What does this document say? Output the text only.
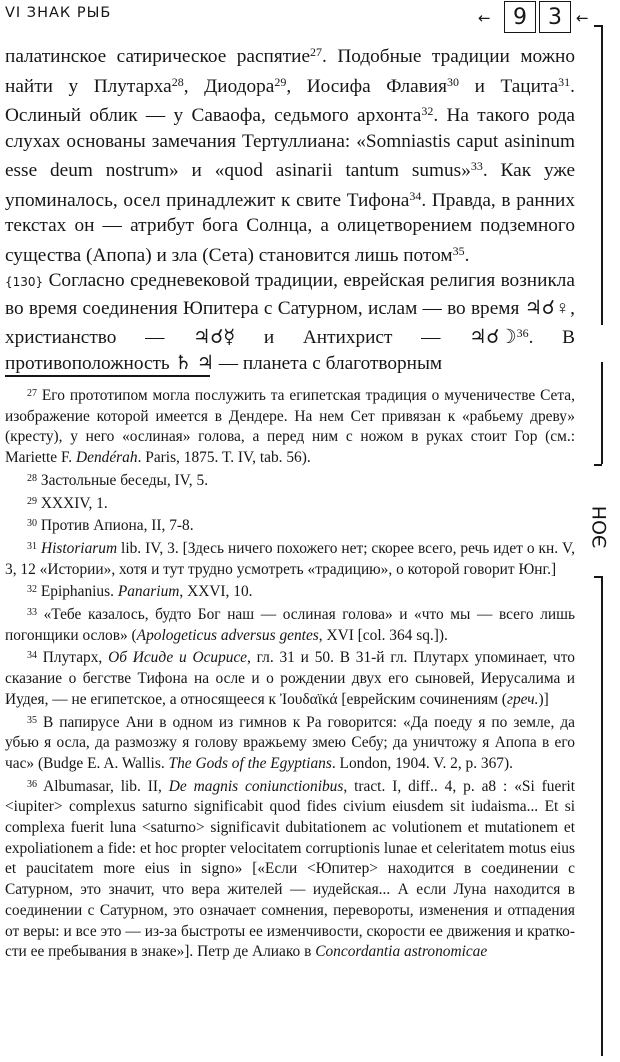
VI ЗНАК РЫБ	←	9 3 ←
ЭОН

палатинское сатирическое распятие$^{27}$. Подобные традиции можно найти у Плутарха$^{28}$, Диодора$^{29}$, Иосифа Флавия$^{30}$ и Тацита$^{31}$. Ослиный облик — у Саваофа, седьмого архонта$^{32}$. На такого рода слухах основаны замечания Тертуллиана: «Somniastis caput asininum esse deum nostrum» и «quod asinarii tantum sumus»$^{33}$. Как уже упоминалось, осел принадлежит к свите Тифона$^{34}$. Правда, в ранних текстах он — атрибут бога Солнца, а олицетворением подземного существа (Апопа) и зла (Сета) становится лишь потом$^{35}$.

{130} Согласно средневековой традиции, еврейская религия возникла во время соединения Юпитера с Сатурном, ислам — во время ♃☌♀, христианство — ♃☌☿ и Антихрист — ♃☌☽$^{36}$. В противоположность ♄ ♃ — планета с благотворным

$^{27}$ Его прототипом могла послужить та египетская традиция о мученичестве Сета, изображение которой имеется в Дендере. На нем Сет привязан к «рабьему древу» (кресту), у него «ослиная» голова, а перед ним с ножом в руках стоит Гор (см.: Mariette F. Dendérah. Paris, 1875. T. IV, tab. 56).

$^{28}$ Застольные беседы, IV, 5.

$^{29}$ XXXIV, 1.

$^{30}$ Против Апиона, II, 7-8.

$^{31}$ Historiarum lib. IV, 3. [Здесь ничего похожего нет; скорее всего, речь идет о кн. V, 3, 12 «Истории», хотя и тут трудно усмотреть «традицию», о которой говорит Юнг.]

$^{32}$ Epiphanius. Panarium, XXVI, 10.

$^{33}$ «Тебе казалось, будто Бог наш — ослиная голова» и «что мы — всего лишь погонщики ослов» (Apologeticus adversus gentes, XVI [col. 364 sq.]).

$^{34}$ Плутарх, Об Исиде и Осирисе, гл. 31 и 50. В 31-й гл. Плутарх упоминает, что сказание о бегстве Тифона на осле и о рождении двух его сыновей, Иерусалима и Иудея, — не египетское, а относящееся к Ἰουδαϊκά [еврейским сочинениям (греч.)]

$^{35}$ В папирусе Ани в одном из гимнов к Ра говорится: «Да поеду я по земле, да убью я осла, да размозжу я голову вражьему змею Себу; да уничтожу я Апопа в его час» (Budge E. A. Wallis. The Gods of the Egyptians. London, 1904. V. 2, p. 367).

$^{36}$ Albumasar, lib. II, De magnis coniunctionibus, tract. I, diff.. 4, p. a8 : «Si fuerit <iupiter> complexus saturno significabit quod fides civium eiusdem sit iudaisma... Et si complexa fuerit luna <saturno> significavit dubitationem ac volutionem et mutationem et expoliationem a fide: et hoc propter velocitatem corruptionis lunae et celeritatem motus eius et paucitatem more eius in signo» [«Если <Юпитер> находится в соединении с Сатурном, это значит, что вера жителей — иудейская... А если Луна находится в соединении с Сатурном, это означает сомнения, перевороты, изменения и отпадения от веры: и все это — из-за быстроты ее изменчивости, скорости ее движения и краткости ее пребывания в знаке»]. Петр де Алиако в Concordantia astronomicae
